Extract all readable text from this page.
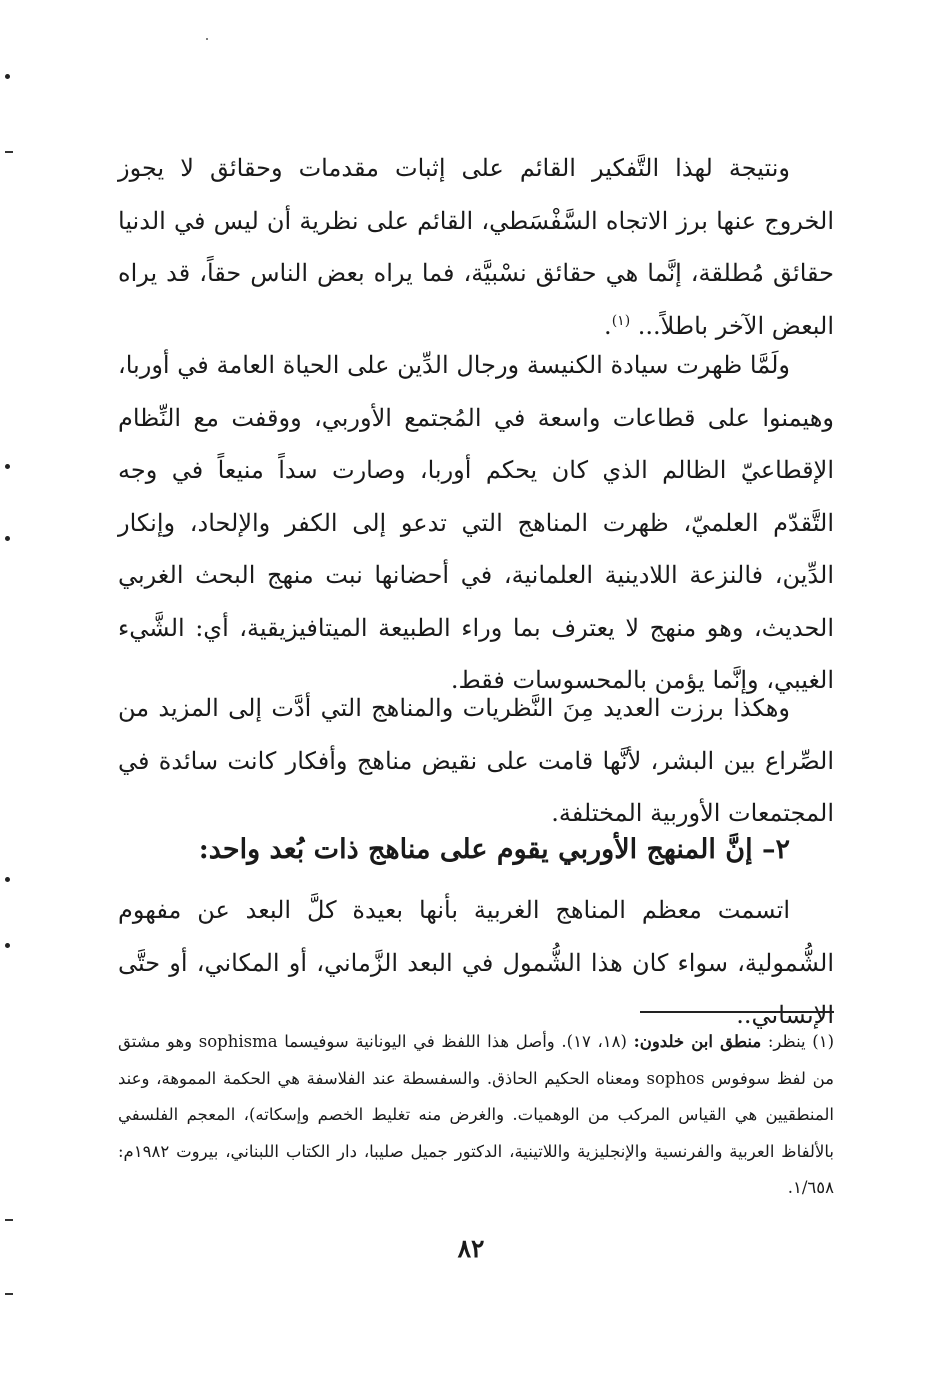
ونتيجة لهذا التَّفكير القائم على إثبات مقدمات وحقائق لا يجوز الخروج عنها برز الاتجاه السَّفْسَطي، القائم على نظرية أن ليس في الدنيا حقائق مُطلقة، إنَّما هي حقائق نسْبيَّة، فما يراه بعض الناس حقاً، قد يراه البعض الآخر باطلاً... $^{(١)}$.

ولَمَّا ظهرت سيادة الكنيسة ورجال الدِّين على الحياة العامة في أوربا، وهيمنوا على قطاعات واسعة في المُجتمع الأوربي، ووقفت مع النِّظام الإقطاعيّ الظالم الذي كان يحكم أوربا، وصارت سداً منيعاً في وجه التَّقدّم العلميّ، ظهرت المناهج التي تدعو إلى الكفر والإلحاد، وإنكار الدِّين، فالنزعة اللادينية العلمانية، في أحضانها نبت منهج البحث الغربي الحديث، وهو منهج لا يعترف بما وراء الطبيعة الميتافيزيقية، أي: الشَّيء الغيبي، وإنَّما يؤمن بالمحسوسات فقط.

وهكذا برزت العديد مِنَ النَّظريات والمناهج التي أدَّت إلى المزيد من الصِّراع بين البشر، لأنَّها قامت على نقيض مناهج وأفكار كانت سائدة في المجتمعات الأوربية المختلفة.

٢– إنَّ المنهج الأوربي يقوم على مناهج ذات بُعد واحد:

اتسمت معظم المناهج الغربية بأنها بعيدة كلَّ البعد عن مفهوم الشُّمولية، سواء كان هذا الشُّمول في البعد الزَّماني، أو المكاني، أو حتَّى الإنساني..

(١) ينظر: منطق ابن خلدون: (١٨، ١٧). وأصل هذا اللفظ في اليونانية سوفيسما sophisma وهو مشتق من لفظ سوفوس sophos ومعناه الحكيم الحاذق. والسفسطة عند الفلاسفة هي الحكمة المموهة، وعند المنطقيين هي القياس المركب من الوهميات. والغرض منه تغليط الخصم وإسكاته)، المعجم الفلسفي بالألفاظ العربية والفرنسية والإنجليزية واللاتينية، الدكتور جميل صليبا، دار الكتاب اللبناني، بيروت ١٩٨٢م: ١/٦٥٨.

٨٢
